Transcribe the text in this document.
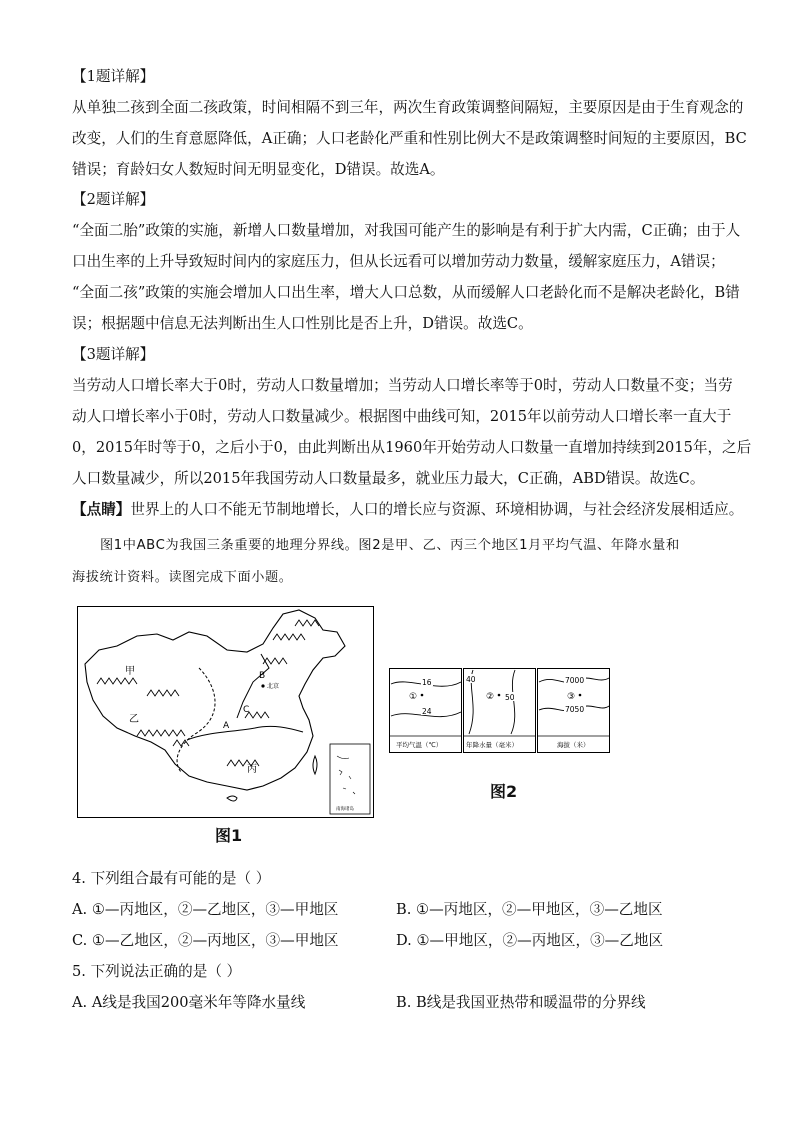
【1题详解】
从单独二孩到全面二孩政策，时间相隔不到三年，两次生育政策调整间隔短，主要原因是由于生育观念的
改变，人们的生育意愿降低，A正确；人口老龄化严重和性别比例大不是政策调整时间短的主要原因，BC
错误；育龄妇女人数短时间无明显变化，D错误。故选A。
【2题详解】
“全面二胎”政策的实施，新增人口数量增加，对我国可能产生的影响是有利于扩大内需，C正确；由于人
口出生率的上升导致短时间内的家庭压力，但从长远看可以增加劳动力数量，缓解家庭压力，A错误；
“全面二孩”政策的实施会增加人口出生率，增大人口总数，从而缓解人口老龄化而不是解决老龄化，B错
误；根据题中信息无法判断出生人口性别比是否上升，D错误。故选C。
【3题详解】
当劳动人口增长率大于0时，劳动人口数量增加；当劳动人口增长率等于0时，劳动人口数量不变；当劳
动人口增长率小于0时，劳动人口数量减少。根据图中曲线可知，2015年以前劳动人口增长率一直大于
0，2015年时等于0，之后小于0，由此判断出从1960年开始劳动人口数量一直增加持续到2015年，之后
人口数量减少，所以2015年我国劳动人口数量最多，就业压力最大，C正确，ABD错误。故选C。
【点睛】世界上的人口不能无节制地增长，人口的增长应与资源、环境相协调，与社会经济发展相适应。
图1中ABC为我国三条重要的地理分界线。图2是甲、乙、丙三个地区1月平均气温、年降水量和
海拔统计资料。读图完成下面小题。
甲
乙
丙
A
B
C
北京
南海诸岛
图1
16
24
①
平均气温（℃）
40
50
②
年降水量（毫米）
7000
7050
③
海拔（米）
图2
4. 下列组合最有可能的是（ ）
A. ①—丙地区，②—乙地区，③—甲地区	B. ①—丙地区，②—甲地区，③—乙地区
C. ①—乙地区，②—丙地区，③—甲地区	D. ①—甲地区，②—丙地区，③—乙地区
5. 下列说法正确的是（ ）
A. A线是我国200毫米年等降水量线	B. B线是我国亚热带和暖温带的分界线
